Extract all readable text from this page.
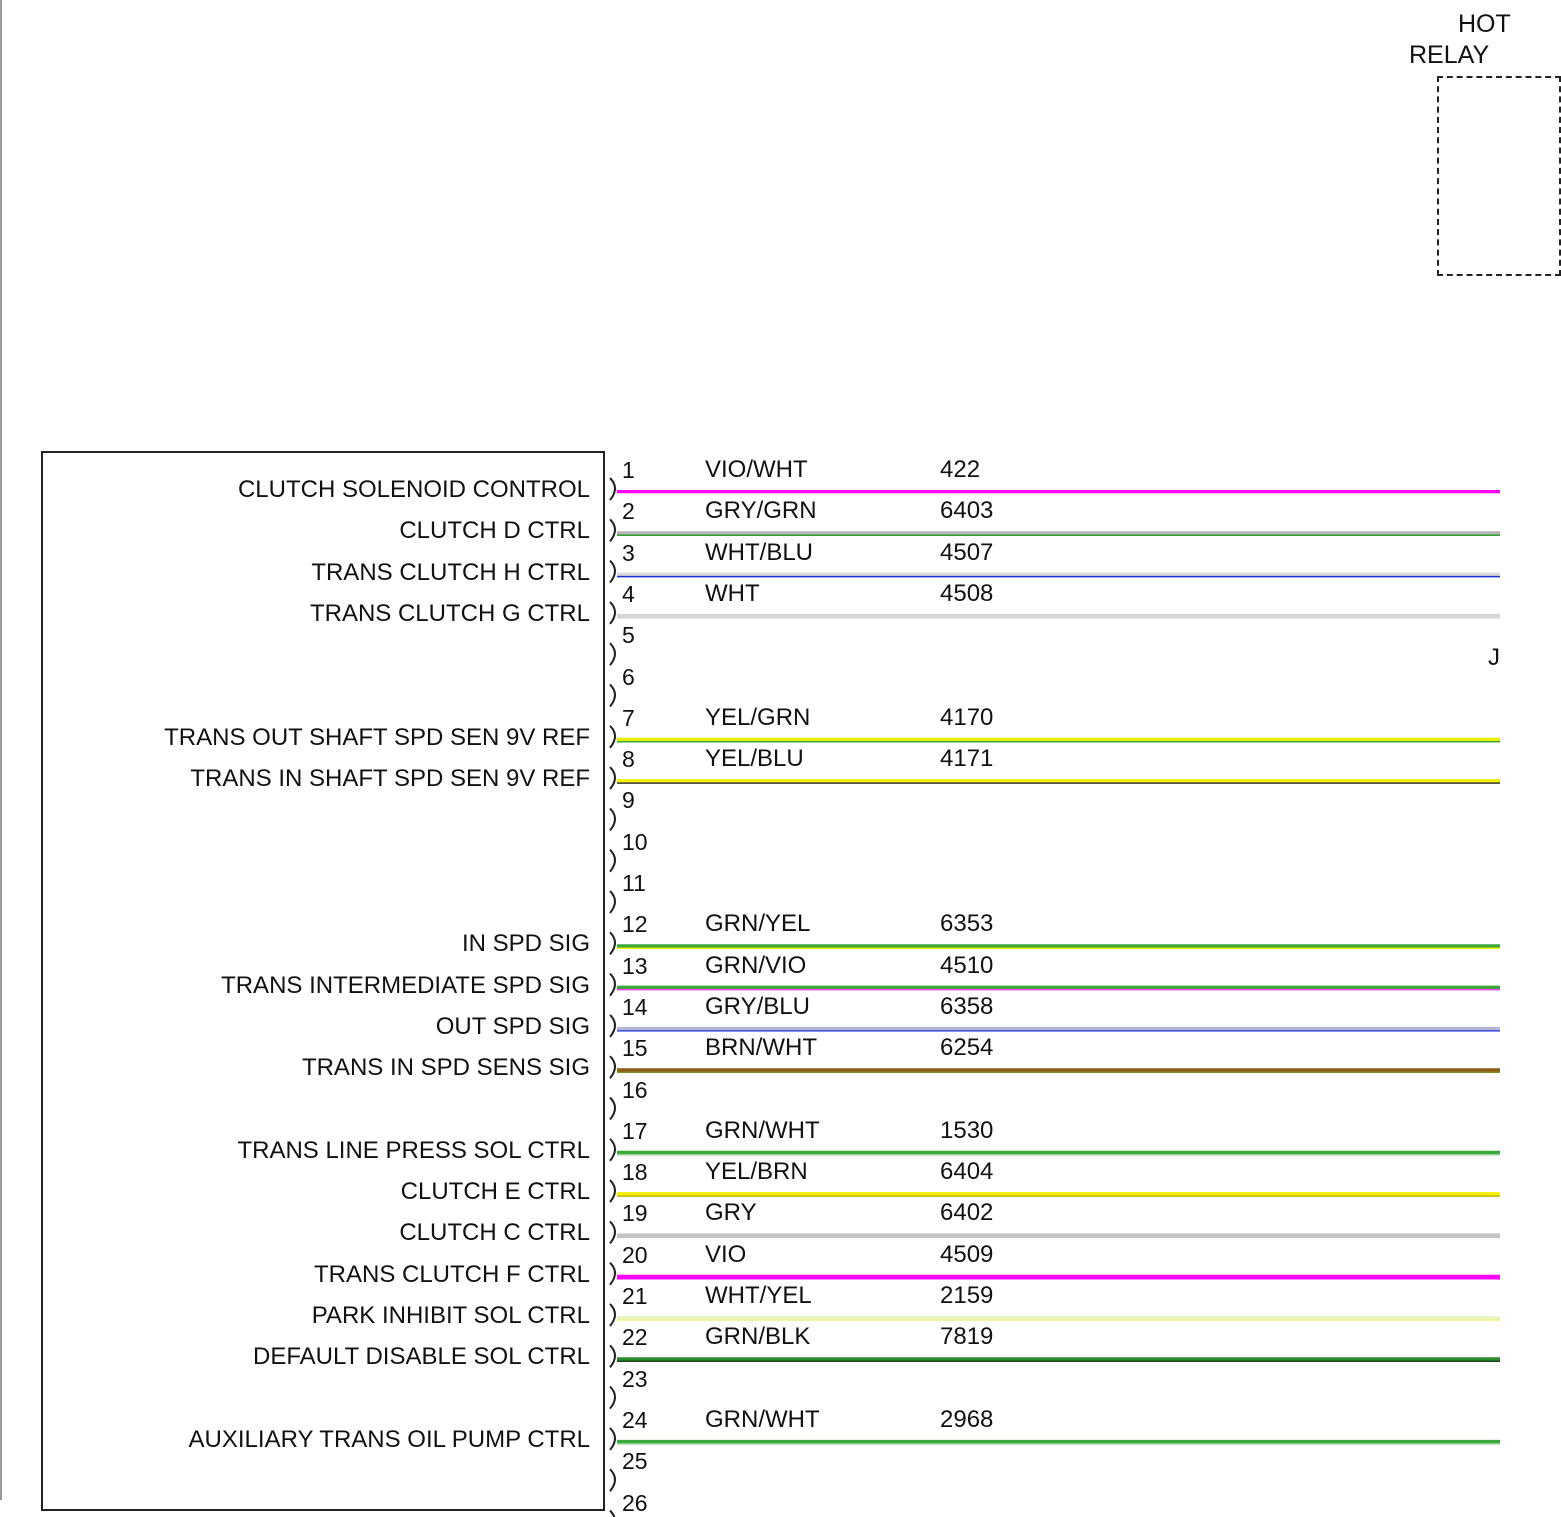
HOT
RELAY
J
1
CLUTCH SOLENOID CONTROL
VIO/WHT	422
2
CLUTCH D CTRL
GRY/GRN	6403
3
TRANS CLUTCH H CTRL
WHT/BLU	4507
4
TRANS CLUTCH G CTRL
WHT	4508
5
6
7
TRANS OUT SHAFT SPD SEN 9V REF
YEL/GRN	4170
8
TRANS IN SHAFT SPD SEN 9V REF
YEL/BLU	4171
9
10
11
12
IN SPD SIG
GRN/YEL	6353
13
TRANS INTERMEDIATE SPD SIG
GRN/VIO	4510
14
OUT SPD SIG
GRY/BLU	6358
15
TRANS IN SPD SENS SIG
BRN/WHT	6254
16
17
TRANS LINE PRESS SOL CTRL
GRN/WHT	1530
18
CLUTCH E CTRL
YEL/BRN	6404
19
CLUTCH C CTRL
GRY	6402
20
TRANS CLUTCH F CTRL
VIO	4509
21
PARK INHIBIT SOL CTRL
WHT/YEL	2159
22
DEFAULT DISABLE SOL CTRL
GRN/BLK	7819
23
24
AUXILIARY TRANS OIL PUMP CTRL
GRN/WHT	2968
25
26
